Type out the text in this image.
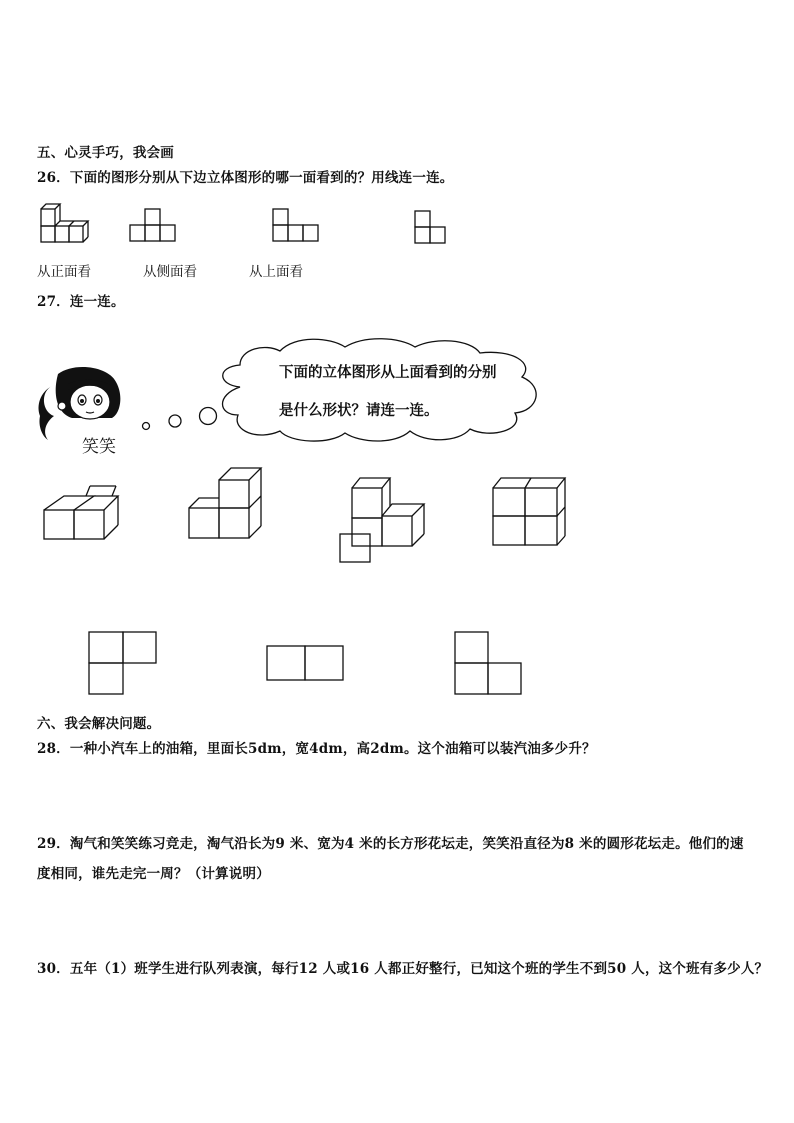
五、心灵手巧，我会画
26．下面的图形分别从下边立体图形的哪一面看到的？用线连一连。
从正面看	从侧面看	从上面看
27．连一连。
下面的立体图形从上面看到的分别
是什么形状？请连一连。
笑笑
六、我会解决问题。
28．一种小汽车上的油箱，里面长5dm，宽4dm，高2dm。这个油箱可以装汽油多少升？
29．淘气和笑笑练习竞走，淘气沿长为9 米、宽为4 米的长方形花坛走，笑笑沿直径为8 米的圆形花坛走。他们的速
度相同，谁先走完一周？（计算说明）
30．五年（1）班学生进行队列表演，每行12 人或16 人都正好整行，已知这个班的学生不到50 人，这个班有多少人？
